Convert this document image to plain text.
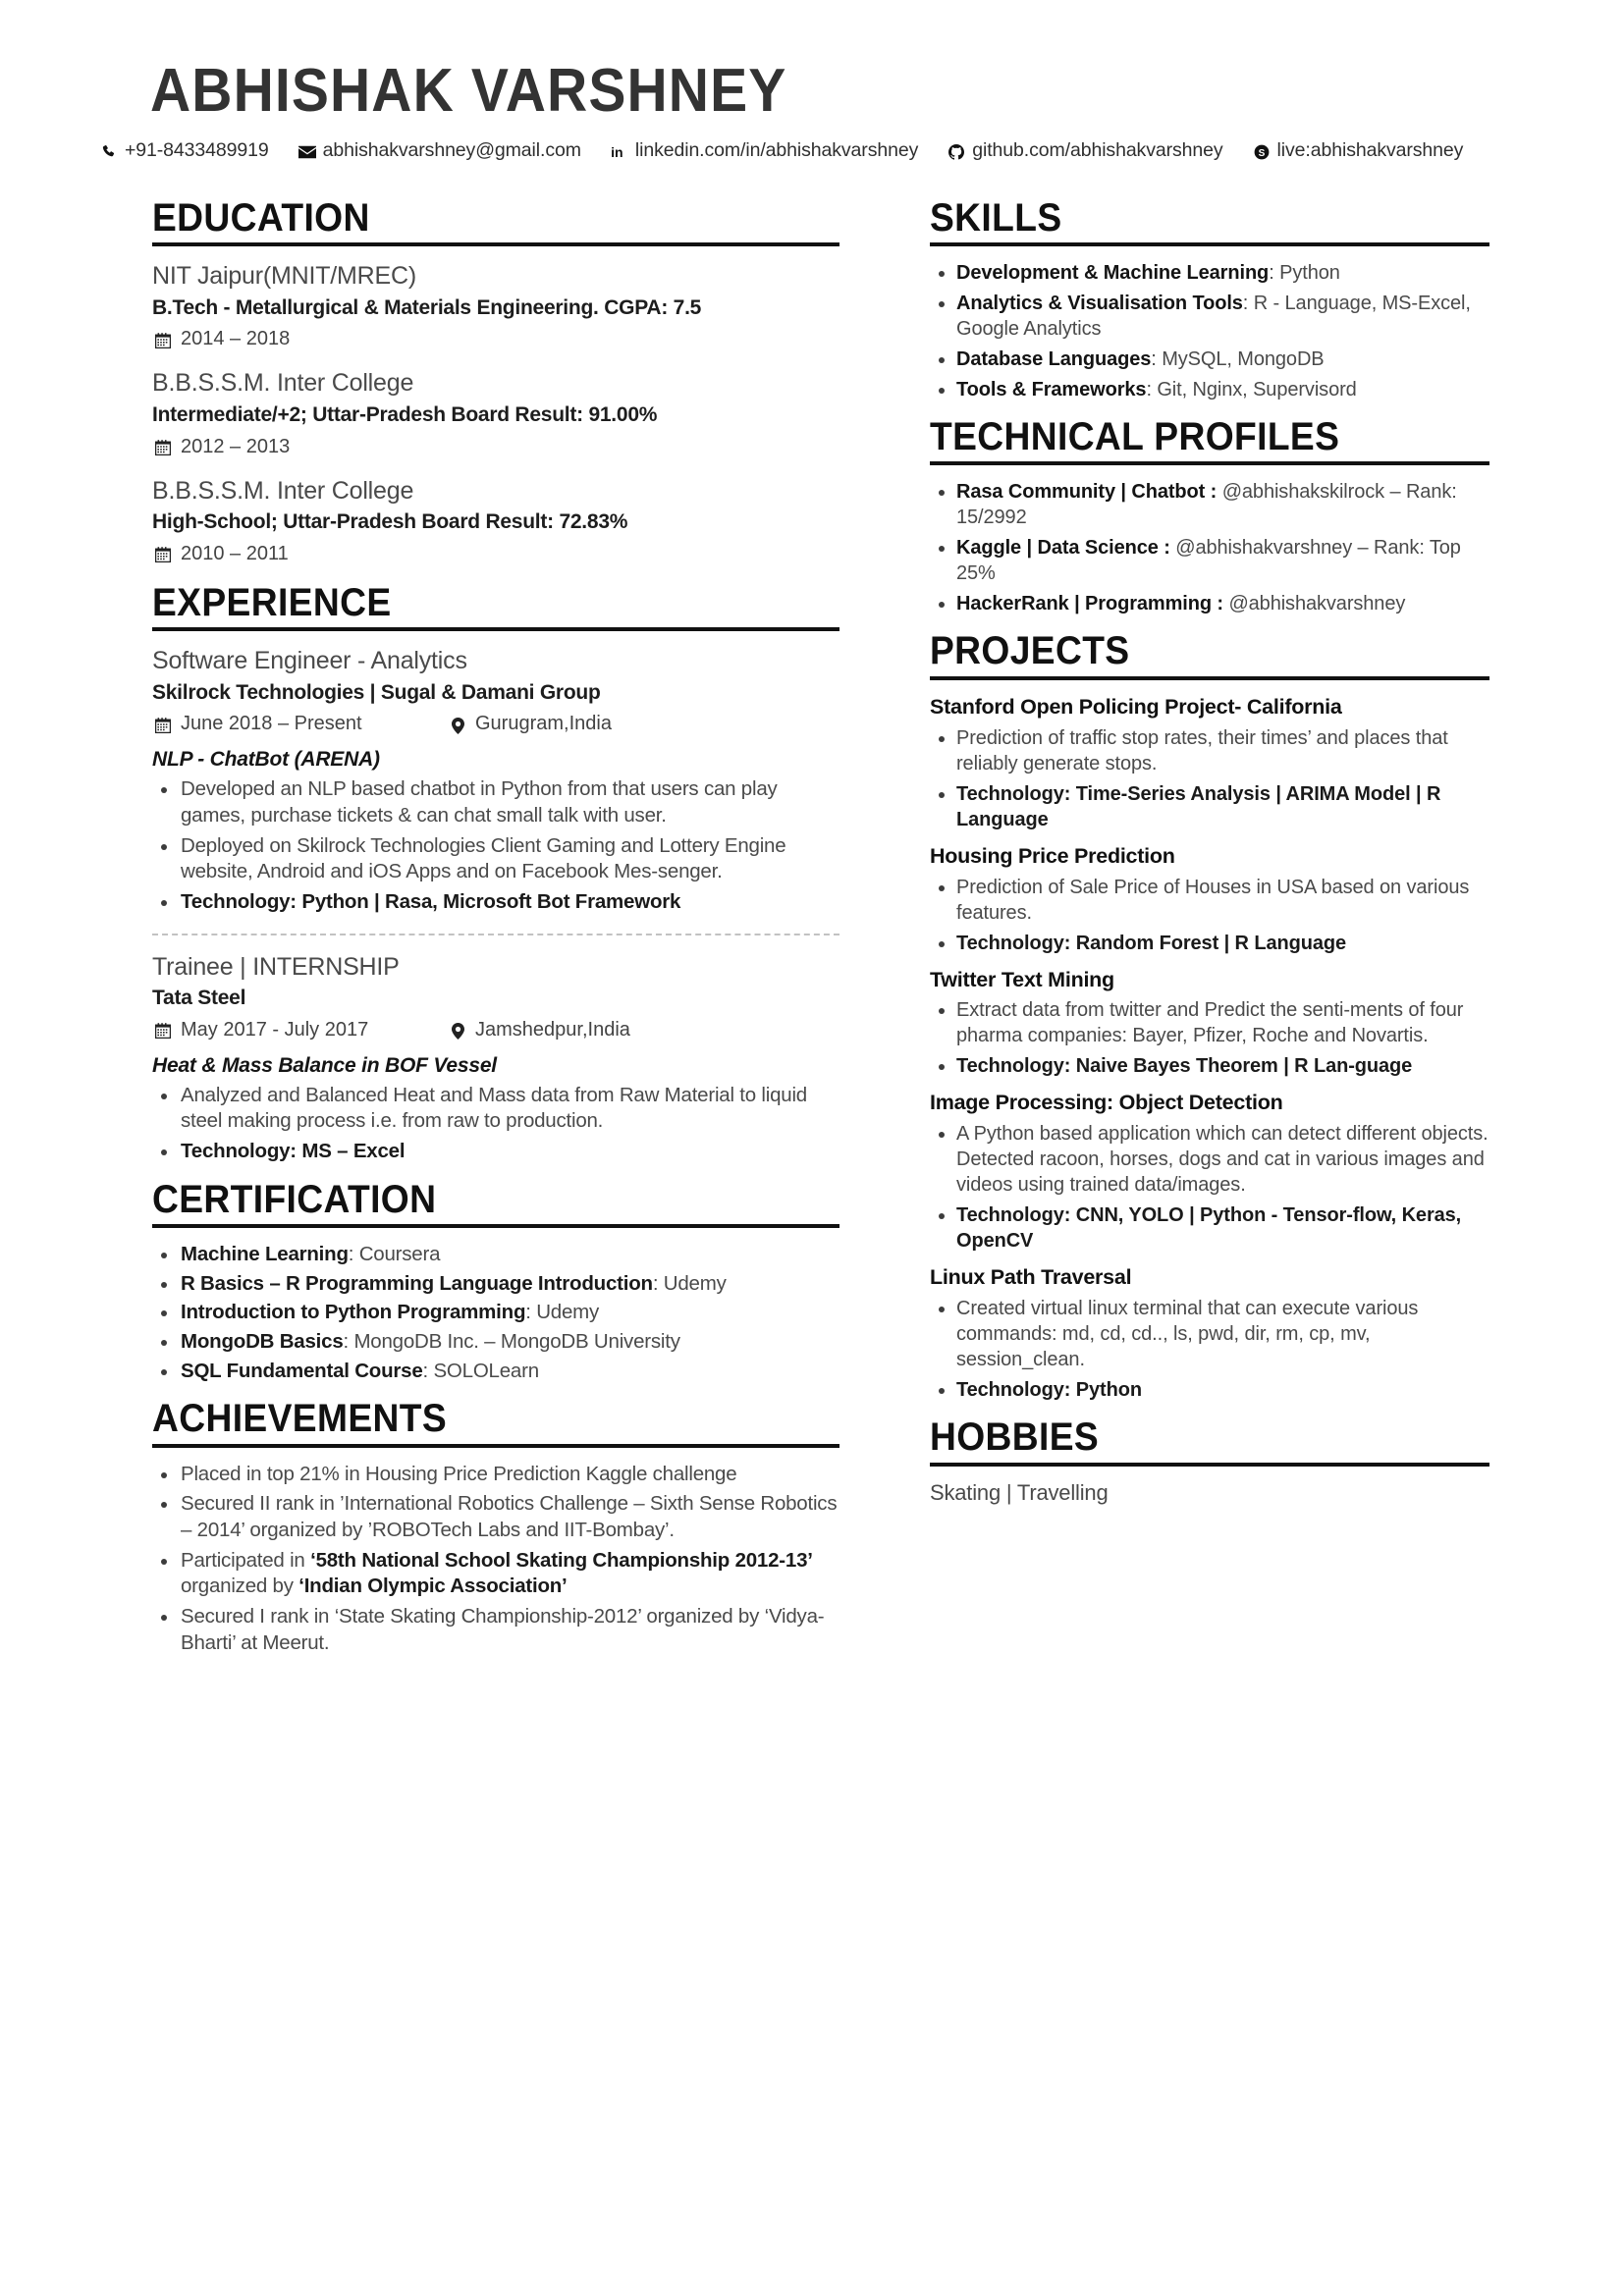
ABHISHAK VARSHNEY
+91-8433489919	abhishakvarshney@gmail.com in linkedin.com/in/abhishakvarshney	github.com/abhishakvarshney	S live:abhishakvarshney
EDUCATION
NIT Jaipur(MNIT/MREC)
B.Tech - Metallurgical & Materials Engineering. CGPA: 7.5
2014 – 2018
B.B.S.S.M. Inter College
Intermediate/+2; Uttar-Pradesh Board Result: 91.00%
2012 – 2013
B.B.S.S.M. Inter College
High-School; Uttar-Pradesh Board Result: 72.83%
2010 – 2011
EXPERIENCE
Software Engineer - Analytics
Skilrock Technologies | Sugal & Damani Group
June 2018 – Present	Gurugram,India
NLP - ChatBot (ARENA)
Developed an NLP based chatbot in Python from that users can play games, purchase tickets & can chat small talk with user.
Deployed on Skilrock Technologies Client Gaming and Lottery Engine website, Android and iOS Apps and on Facebook Mes-senger.
Technology: Python | Rasa, Microsoft Bot Framework
Trainee | INTERNSHIP
Tata Steel
May 2017 - July 2017	Jamshedpur,India
Heat & Mass Balance in BOF Vessel
Analyzed and Balanced Heat and Mass data from Raw Material to liquid steel making process i.e. from raw to production.
Technology: MS – Excel
CERTIFICATION
Machine Learning: Coursera
R Basics – R Programming Language Introduction: Udemy
Introduction to Python Programming: Udemy
MongoDB Basics: MongoDB Inc. – MongoDB University
SQL Fundamental Course: SOLOLearn
ACHIEVEMENTS
Placed in top 21% in Housing Price Prediction Kaggle challenge
Secured II rank in ’International Robotics Challenge – Sixth Sense Robotics – 2014’ organized by ’ROBOTech Labs and IIT-Bombay’.
Participated in ‘58th National School Skating Championship 2012-13’ organized by ‘Indian Olympic Association’
Secured I rank in ‘State Skating Championship-2012’ organized by ‘Vidya-Bharti’ at Meerut.
SKILLS
Development & Machine Learning: Python
Analytics & Visualisation Tools: R - Language, MS-Excel, Google Analytics
Database Languages: MySQL, MongoDB
Tools & Frameworks: Git, Nginx, Supervisord
TECHNICAL PROFILES
Rasa Community | Chatbot : @abhishakskilrock – Rank: 15/2992
Kaggle | Data Science : @abhishakvarshney – Rank: Top 25%
HackerRank | Programming : @abhishakvarshney
PROJECTS
Stanford Open Policing Project- California
Prediction of traffic stop rates, their times’ and places that reliably generate stops.
Technology: Time-Series Analysis | ARIMA Model | R Language
Housing Price Prediction
Prediction of Sale Price of Houses in USA based on various features.
Technology: Random Forest | R Language
Twitter Text Mining
Extract data from twitter and Predict the senti-ments of four pharma companies: Bayer, Pfizer, Roche and Novartis.
Technology: Naive Bayes Theorem | R Lan-guage
Image Processing: Object Detection
A Python based application which can detect different objects. Detected racoon, horses, dogs and cat in various images and videos using trained data/images.
Technology: CNN, YOLO | Python - Tensor-flow, Keras, OpenCV
Linux Path Traversal
Created virtual linux terminal that can execute various commands: md, cd, cd.., ls, pwd, dir, rm, cp, mv, session_clean.
Technology: Python
HOBBIES
Skating | Travelling
